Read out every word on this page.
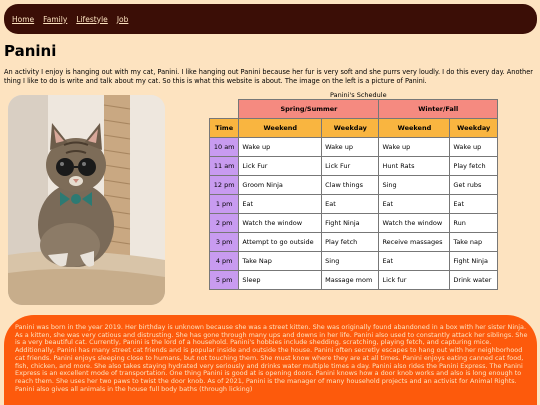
Home Family Lifestyle Job
Panini

An activity I enjoy is hanging out with my cat, Panini. I like hanging out Panini because her fur is very soft and she purrs very loudly. I do this every day. Another thing I like to do is write and talk about my cat. So this is what this website is about. The image on the left is a picture of Panini.

Panini's Schedule
	Spring/Summer		Winter/Fall	
Time	Weekend	Weekday	Weekend	Weekday
10 am	Wake up	Wake up	Wake up	Wake up
11 am	Lick Fur	Lick Fur	Hunt Rats	Play fetch
12 pm	Groom Ninja	Claw things	Sing	Get rubs
1 pm	Eat	Eat	Eat	Eat
2 pm	Watch the window	Fight Ninja	Watch the window	Run
3 pm	Attempt to go outside	Play fetch	Receive massages	Take nap
4 pm	Take Nap	Sing	Eat	Fight Ninja
5 pm	Sleep	Massage mom	Lick fur	Drink water

Panini was born in the year 2019. Her birthday is unknown because she was a street kitten. She was originally found abandoned in a box with her sister Ninja. As a kitten, she was very catious and distrusting. She has gone through many ups and downs in her life. Panini also used to constantly attack her siblings. She is a very beautiful cat. Currently, Panini is the lord of a household. Panini's hobbies include shedding, scratching, playing fetch, and capturing mice. Additionally, Panini has many street cat friends and is popular inside and outside the house. Panini often secretly escapes to hang out with her neighborhood cat friends. Panini enjoys sleeping close to humans, but not touching them. She must know where they are at all times. Panini enjoys eating canned cat food, fish, chicken, and more. She also takes staying hydrated very seriously and drinks water multiple times a day. Panini also rides the Panini Express. The Panini Express is an excellent mode of transportation. One thing Panini is good at is opening doors. Panini knows how a door knob works and also is long enough to reach them. She uses her two paws to twist the door knob. As of 2021, Panini is the manager of many household projects and an activist for Animal Rights. Panini also gives all animals in the house full body baths (through licking)
